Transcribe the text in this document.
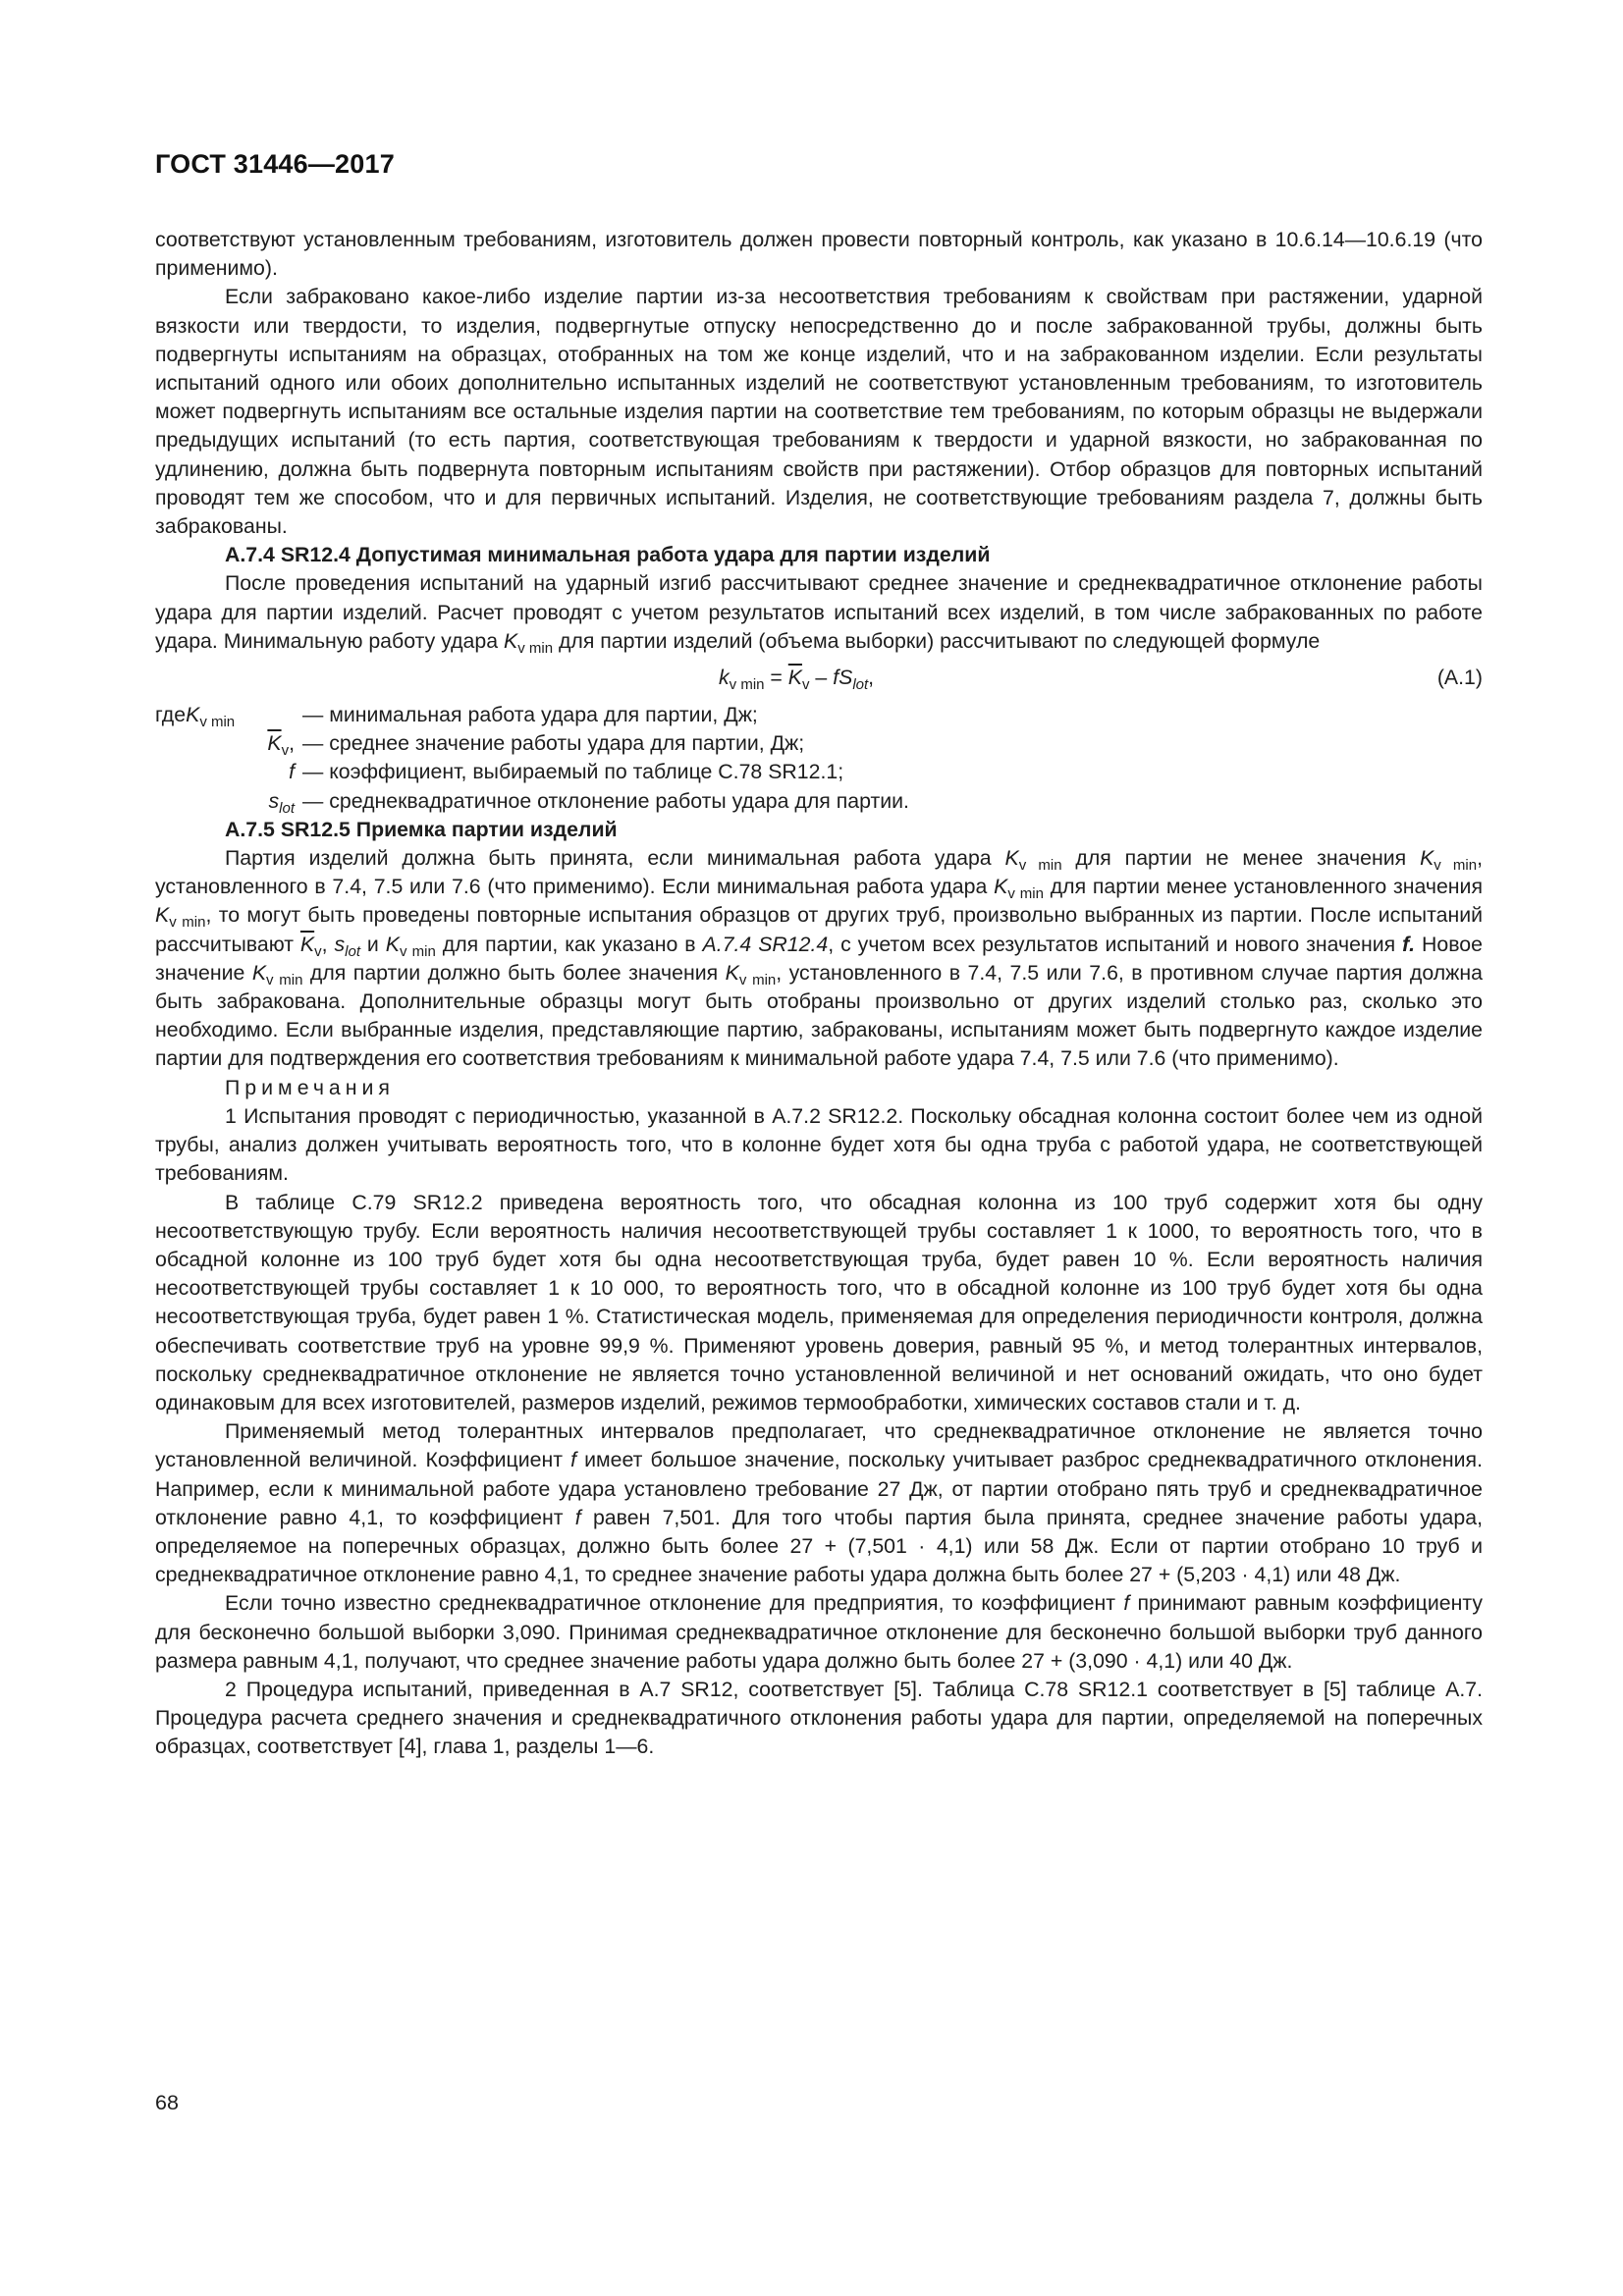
ГОСТ 31446—2017

соответствуют установленным требованиям, изготовитель должен провести повторный контроль, как указано в 10.6.14—10.6.19 (что применимо).

Если забраковано какое-либо изделие партии из-за несоответствия требованиям к свойствам при растяжении, ударной вязкости или твердости, то изделия, подвергнутые отпуску непосредственно до и после забракованной трубы, должны быть подвергнуты испытаниям на образцах, отобранных на том же конце изделий, что и на забракованном изделии. Если результаты испытаний одного или обоих дополнительно испытанных изделий не соответствуют установленным требованиям, то изготовитель может подвергнуть испытаниям все остальные изделия партии на соответствие тем требованиям, по которым образцы не выдержали предыдущих испытаний (то есть партия, соответствующая требованиям к твердости и ударной вязкости, но забракованная по удлинению, должна быть подвернута повторным испытаниям свойств при растяжении). Отбор образцов для повторных испытаний проводят тем же способом, что и для первичных испытаний. Изделия, не соответствующие требованиям раздела 7, должны быть забракованы.

А.7.4 SR12.4 Допустимая минимальная работа удара для партии изделий

После проведения испытаний на ударный изгиб рассчитывают среднее значение и среднеквадратичное отклонение работы удара для партии изделий. Расчет проводят с учетом результатов испытаний всех изделий, в том числе забракованных по работе удара. Минимальную работу удара $K_{v min}$ для партии изделий (объема выборки) рассчитывают по следующей формуле

$k_{v min} = \overline{K}_v - fS_{lot}$,	(А.1)
гдеK$_{v min}$	— минимальная работа удара для партии, Дж;
$\overline{K}_v$, — среднее значение работы удара для партии, Дж;
f — коэффициент, выбираемый по таблице С.78 SR12.1;
$s_{lot}$ — среднеквадратичное отклонение работы удара для партии.

А.7.5 SR12.5 Приемка партии изделий

Партия изделий должна быть принята, если минимальная работа удара $K_{v min}$ для партии не менее значения $K_{v min}$, установленного в 7.4, 7.5 или 7.6 (что применимо). Если минимальная работа удара $K_{v min}$ для партии менее установленного значения $K_{v min}$, то могут быть проведены повторные испытания образцов от других труб, произвольно выбранных из партии. После испытаний рассчитывают $\overline{K}_v$, $s_{lot}$ и $K_{v min}$ для партии, как указано в А.7.4 SR12.4, с учетом всех результатов испытаний и нового значения f. Новое значение $K_{v min}$ для партии должно быть более значения $K_{v min}$, установленного в 7.4, 7.5 или 7.6, в противном случае партия должна быть забракована. Дополнительные образцы могут быть отобраны произвольно от других изделий столько раз, сколько это необходимо. Если выбранные изделия, представляющие партию, забракованы, испытаниям может быть подвергнуто каждое изделие партии для подтверждения его соответствия требованиям к минимальной работе удара 7.4, 7.5 или 7.6 (что применимо).

Примечания

1 Испытания проводят с периодичностью, указанной в А.7.2 SR12.2. Поскольку обсадная колонна состоит более чем из одной трубы, анализ должен учитывать вероятность того, что в колонне будет хотя бы одна труба с работой удара, не соответствующей требованиям.

В таблице С.79 SR12.2 приведена вероятность того, что обсадная колонна из 100 труб содержит хотя бы одну несоответствующую трубу. Если вероятность наличия несоответствующей трубы составляет 1 к 1000, то вероятность того, что в обсадной колонне из 100 труб будет хотя бы одна несоответствующая труба, будет равен 10 %. Если вероятность наличия несоответствующей трубы составляет 1 к 10 000, то вероятность того, что в обсадной колонне из 100 труб будет хотя бы одна несоответствующая труба, будет равен 1 %. Статистическая модель, применяемая для определения периодичности контроля, должна обеспечивать соответствие труб на уровне 99,9 %. Применяют уровень доверия, равный 95 %, и метод толерантных интервалов, поскольку среднеквадратичное отклонение не является точно установленной величиной и нет оснований ожидать, что оно будет одинаковым для всех изготовителей, размеров изделий, режимов термообработки, химических составов стали и т. д.

Применяемый метод толерантных интервалов предполагает, что среднеквадратичное отклонение не является точно установленной величиной. Коэффициент f имеет большое значение, поскольку учитывает разброс среднеквадратичного отклонения. Например, если к минимальной работе удара установлено требование 27 Дж, от партии отобрано пять труб и среднеквадратичное отклонение равно 4,1, то коэффициент f равен 7,501. Для того чтобы партия была принята, среднее значение работы удара, определяемое на поперечных образцах, должно быть более 27 + (7,501 · 4,1) или 58 Дж. Если от партии отобрано 10 труб и среднеквадратичное отклонение равно 4,1, то среднее значение работы удара должна быть более 27 + (5,203 · 4,1) или 48 Дж.

Если точно известно среднеквадратичное отклонение для предприятия, то коэффициент f принимают равным коэффициенту для бесконечно большой выборки 3,090. Принимая среднеквадратичное отклонение для бесконечно большой выборки труб данного размера равным 4,1, получают, что среднее значение работы удара должно быть более 27 + (3,090 · 4,1) или 40 Дж.

2 Процедура испытаний, приведенная в А.7 SR12, соответствует [5]. Таблица С.78 SR12.1 соответствует в [5] таблице А.7. Процедура расчета среднего значения и среднеквадратичного отклонения работы удара для партии, определяемой на поперечных образцах, соответствует [4], глава 1, разделы 1—6.

68
